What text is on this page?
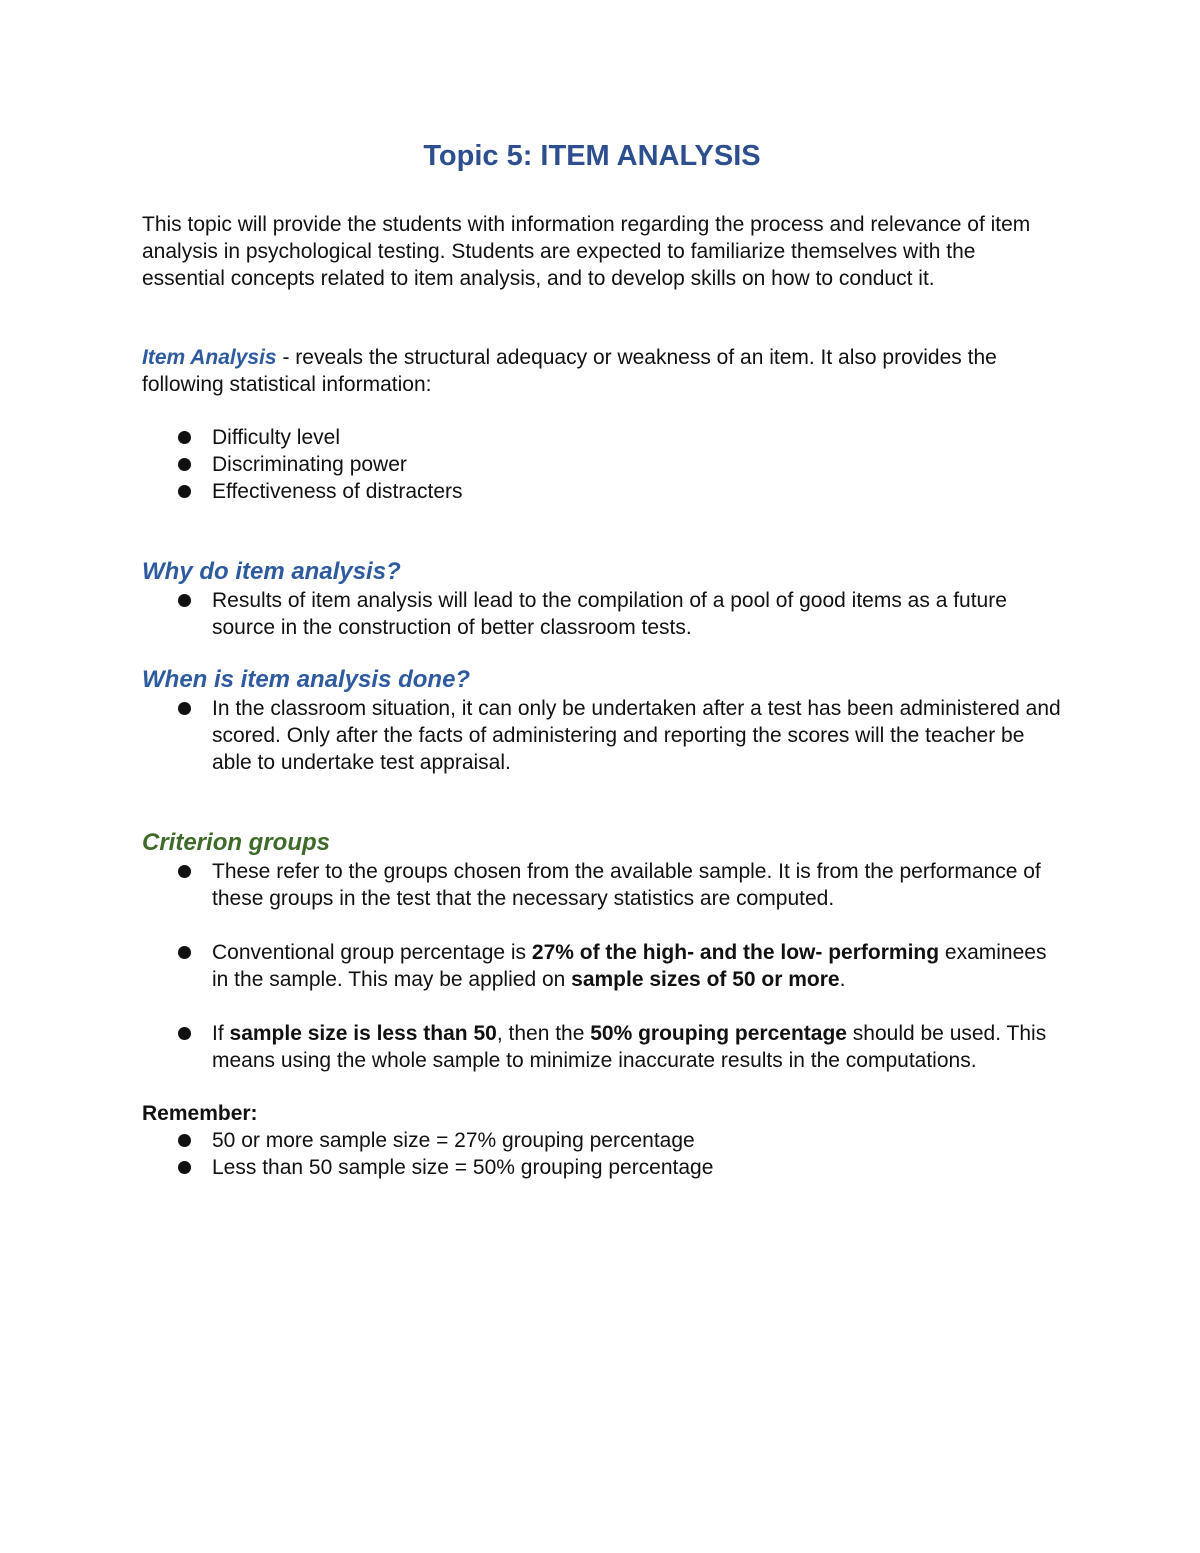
Topic 5: ITEM ANALYSIS

This topic will provide the students with information regarding the process and relevance of item analysis in psychological testing. Students are expected to familiarize themselves with the essential concepts related to item analysis, and to develop skills on how to conduct it.

Item Analysis - reveals the structural adequacy or weakness of an item. It also provides the following statistical information:

Difficulty level
Discriminating power
Effectiveness of distracters
Why do item analysis?
Results of item analysis will lead to the compilation of a pool of good items as a future source in the construction of better classroom tests.
When is item analysis done?
In the classroom situation, it can only be undertaken after a test has been administered and scored. Only after the facts of administering and reporting the scores will the teacher be able to undertake test appraisal.
Criterion groups
These refer to the groups chosen from the available sample. It is from the performance of these groups in the test that the necessary statistics are computed.
Conventional group percentage is 27% of the high- and the low- performing examinees in the sample. This may be applied on sample sizes of 50 or more.
If sample size is less than 50, then the 50% grouping percentage should be used. This means using the whole sample to minimize inaccurate results in the computations.

Remember:

50 or more sample size = 27% grouping percentage
Less than 50 sample size = 50% grouping percentage
